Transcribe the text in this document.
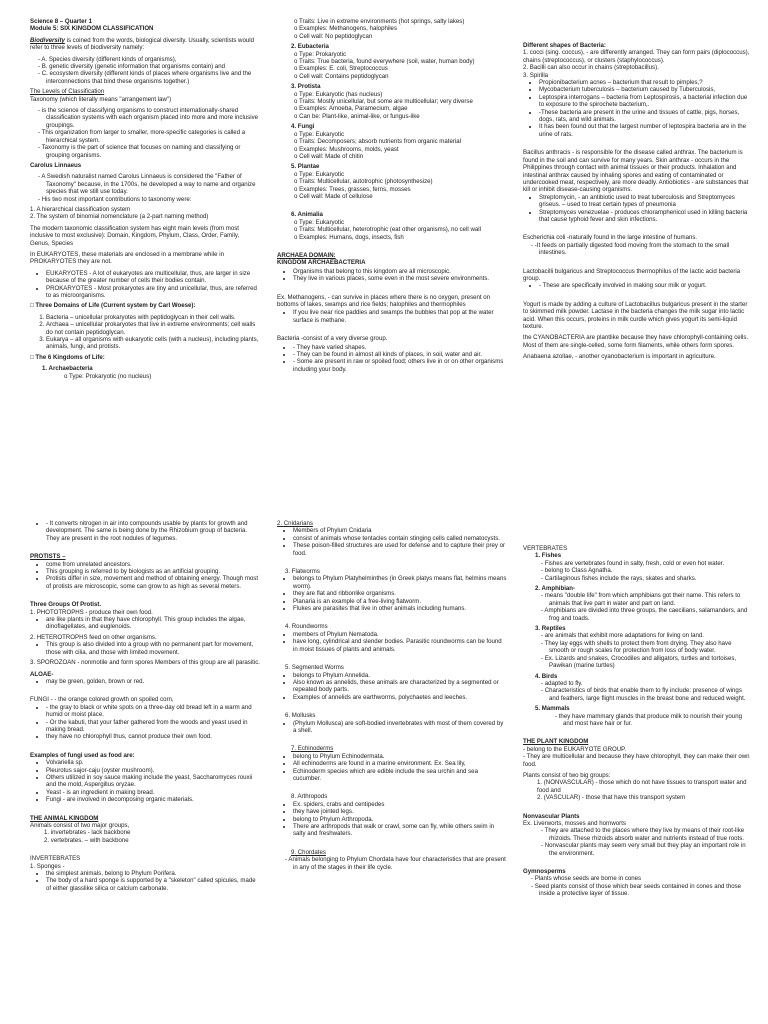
Science 8 – Quarter 1

Module 5: SIX KINGDOM CLASSIFICATION

Biodiversity is coined from the words, biological diversity. Usually, scientists would refer to three levels of biodiversity namely:

- A. Species diversity (different kinds of organisms),
- B. genetic diversity (genetic information that organisms contain) and
- C. ecosystem diversity (different kinds of places where organisms live and the interconnections that bind these organisms together.)

The Levels of Classification

Taxonomy (which literally means "arrangement law")

- is the science of classifying organisms to construct internationally-shared classification systems with each organism placed into more and more inclusive groupings.
- This organization from larger to smaller, more-specific categories is called a hierarchical system.
- Taxonomy is the part of science that focuses on naming and classifying or grouping organisms.

Carolus Linnaeus

- A Swedish naturalist named Carolus Linnaeus is considered the "Father of Taxonomy" because, in the 1700s, he developed a way to name and organize species that we still use today.
- His two most important contributions to taxonomy were:

1. A hierarchical classification system

2. The system of binomial nomenclature (a 2-part naming method)

The modern taxonomic classification system has eight main levels (from most inclusive to most exclusive): Domain, Kingdom, Phylum, Class, Order, Family, Genus, Species

In EUKARYOTES, these materials are enclosed in a membrane while in PROKARYOTES they are not.

• EUKARYOTES - A lot of eukaryotes are multicellular, thus, are larger in size because of the greater number of cells their bodies contain.
• PROKARYOTES - Most prokaryotes are tiny and unicellular, thus, are referred to as microorganisms.

□ Three Domains of Life (Current system by Carl Woese):

1. Bacteria – unicellular prokaryotes with peptidoglycan in their cell walls.
2. Archaea – unicellular prokaryotes that live in extreme environments; cell walls do not contain peptidoglycan.
3. Eukarya – all organisms with eukaryotic cells (with a nucleus), including plants, animals, fungi, and protists.

□ The 6 Kingdoms of Life:

1. Archaebacteria

o Type: Prokaryotic (no nucleus)

o Traits: Live in extreme environments (hot springs, salty lakes)
o Examples: Methanogens, halophiles
o Cell wall: No peptidoglycan

2. Eubacteria

o Type: Prokaryotic
o Traits: True bacteria, found everywhere (soil, water, human body)
o Examples: E. coli, Streptococcus
o Cell wall: Contains peptidoglycan

3. Protista

o Type: Eukaryotic (has nucleus)
o Traits: Mostly unicellular, but some are multicellular; very diverse
o Examples: Amoeba, Paramecium, algae
o Can be: Plant-like, animal-like, or fungus-like

4. Fungi

o Type: Eukaryotic
o Traits: Decomposers; absorb nutrients from organic material
o Examples: Mushrooms, molds, yeast
o Cell wall: Made of chitin

5. Plantae

o Type: Eukaryotic
o Traits: Multicellular, autotrophic (photosynthesize)
o Examples: Trees, grasses, ferns, mosses
o Cell wall: Made of cellulose

6. Animalia

o Type: Eukaryotic
o Traits: Multicellular, heterotrophic (eat other organisms), no cell wall
o Examples: Humans, dogs, insects, fish

ARCHAEA DOMAIN:

KINGDOM ARCHAEBACTERIA

• Organisms that belong to this kingdom are all microscopic.
• They live in various places, some even in the most severe environments.

Ex. Methanogens, - can survive in places where there is no oxygen, present on bottoms of lakes, swamps and rice fields; halophiles and thermophiles

• If you live near rice paddies and swamps the bubbles that pop at the water surface is methane.

Bacteria -consist of a very diverse group.

• - They have varied shapes.
• - They can be found in almost all kinds of places, in soil, water and air.
• - Some are present in raw or spoiled food; others live in or on other organisms including your body.

Different shapes of Bacteria:

1. cocci (sing. coccus), - are differently arranged. They can form pairs (diplococcus), chains (streptococcus), or clusters (staphylococcus).

2. Bacilli can also occur in chains (streptobacillus).

3. Spirilla

• Propionibacterium acnes – bacterium that result to pimples,?
• Mycobacterium tuberculosis – bacterium caused by Tuberculosis,
• Leptospira interrogans – bacteria from Leptospirosis, a bacterial infection due to exposure to the spirochete bacterium,.
• -These bacteria are present in the urine and tissues of cattle, pigs, horses, dogs, rats, and wild animals.
• It has been found out that the largest number of leptospira bacteria are in the urine of rats.

Bacillus anthracis - is responsible for the disease called anthrax. The bacterium is found in the soil and can survive for many years. Skin anthrax - occurs in the Philippines through contact with animal tissues or their products. Inhalation and intestinal anthrax caused by inhaling spores and eating of contaminated or undercooked meat, respectively, are more deadly. Antiobiotics - are substances that kill or inhibit disease-causing organisms.

• Streptomycin, - an antibiotic used to treat tuberculosis and Streptomyces griseus. – used to treat certain types of pneumonia
• Streptomyces venezuelae - produces chloramphenicol used in killing bacteria that cause typhoid fever and skin infections.

Escherichia coli -naturally found in the large intestine of humans.

- -It feeds on partially digested food moving from the stomach to the small intestines.

Lactobacilli bulgaricus and Streptococcus thermophilus of the lactic acid bacteria group.

• - These are specifically involved in making sour milk or yogurt.

Yogurt is made by adding a culture of Lactobacillus bulgaricus present in the starter to skimmed milk powder. Lactase in the bacteria changes the milk sugar into lactic acid. When this occurs, proteins in milk curdle which gives yogurt its semi-liquid texture.

the CYANOBACTERIA are plantlike because they have chlorophyll-containing cells. Most of them are single-celled, some form filaments, while others form spores.

Anabaena azollae, - another cyanobacterium is important in agriculture.

• - It converts nitrogen in air into compounds usable by plants for growth and development. The same is being done by the Rhizobium group of bacteria. They are present in the root nodules of legumes.

PROTISTS –

• come from unrelated ancestors.
• This grouping is referred to by biologists as an artificial grouping.
• Protists differ in size, movement and method of obtaining energy. Though most of protists are microscopic, some can grow to as high as several meters.

Three Groups Of Protist.

1. PHOTOTROPHS - produce their own food.

• are like plants in that they have chlorophyll. This group includes the algae, dinoflagellates, and euglenoids.

2. HETEROTROPHS feed on other organisms.

• This group is also divided into a group with no permanent part for movement, those with cilia, and those with limited movement.

3. SPOROZOAN - nonmotile and form spores Members of this group are all parasitic.

ALOAE-

• may be green, golden, brown or red.

FUNGI - - the orange colored growth on spoiled corn,

• - the gray to black or white spots on a three-day old bread left in a warm and humid or moist place.
• - Or the kabuti, that your father gathered from the woods and yeast used in making bread.
• they have no chlorophyll thus, cannot produce their own food.

Examples of fungi used as food are:

• Volvariella sp.
• Pleurotus sajor-caju (oyster mushroom).
• Others utilized in soy sauce making include the yeast, Saccharomyces rouxii and the mold, Aspergillus oryzae.
• Yeast - is an ingredient in making bread.
• Fungi - are involved in decomposing organic materials.

THE ANIMAL KINGDOM

Animals consist of two major groups,

1. invertebrates - lack backbone
2. vertebrates. – with backbone

INVERTEBRATES

1. Sponges -

• the simplest animals, belong to Phylum Porifera.
• The body of a hard sponge is supported by a "skeleton" called spicules, made of either glasslike silica or calcium carbonate.

2. Cnidarians

• Members of Phylum Cnidaria
• consist of animals whose tentacles contain stinging cells called nematocysts.
• These poison-filled structures are used for defense and to capture their prey or food.

3. Flatworms

• belongs to Phylum Platyhelminthes (in Greek platys means flat, helmins means worm).
• they are flat and ribbonlike organisms.
• Planaria is an example of a free-living flatworm.
• Flukes are parasites that live in other animals including humans.

4. Roundworms

• members of Phylum Nematoda.
• have long, cylindrical and slender bodies. Parasitic roundworms can be found in moist tissues of plants and animals.

5. Segmented Worms

• belongs to Phylum Annelida.
• Also known as annelids, these animals are characterized by a segmented or repeated body parts.
• Examples of annelids are earthworms, polychaetes and leeches.

6. Mollusks

• (Phylum Mollusca) are soft-bodied invertebrates with most of them covered by a shell.

7. Echinoderms

• belong to Phylum Echinodermata.
• All echinoderms are found in a marine environment. Ex. Sea lily,
• Echinoderm species which are edible include the sea urchin and sea cucumber.

8. Arthropods

• Ex. spiders, crabs and centipedes
• they have jointed legs.
• belong to Phylum Arthropoda.
• There are arthropods that walk or crawl, some can fly, while others swim in salty and freshwaters.

9. Chordates

- Animals belonging to Phylum Chordata have four characteristics that are present in any of the stages in their life cycle.

VERTEBRATES

1. Fishes

- Fishes are vertebrates found in salty, fresh, cold or even hot water.
- belong to Class Agnatha.
- Cartilaginous fishes include the rays, skates and sharks.

2. Amphibian-

- means "double life" from which amphibians got their name. This refers to animals that live part in water and part on land.
- Amphibians are divided into three groups, the caecilians, salamanders, and frog and toads.

3. Reptiles

- are animals that exhibit more adaptations for living on land.
- They lay eggs with shells to protect them from drying. They also have smooth or rough scales for protection from loss of body water.
- Ex. Lizards and snakes, Crocodiles and alligators, turtles and tortoises, Pawikan (marine turtles)

4. Birds

- adapted to fly.
- Characteristics of birds that enable them to fly include: presence of wings and feathers, large flight muscles in the breast bone and reduced weight.

5. Mammals

- they have mammary glands that produce milk to nourish their young and most have hair or fur.

THE PLANT KINGDOM

- belong to the EUKARYOTE GROUP.

- They are multicellular and because they have chlorophyll, they can make their own food.

Plants consist of two big groups:

1. (NONVASCULAR) - those which do not have tissues to transport water and food and
2. (VASCULAR) - those that have this transport system

Nonvascular Plants

Ex. Liverworts, mosses and hornworts

- They are attached to the places where they live by means of their root-like rhizoids. These rhizoids absorb water and nutrients instead of true roots.
- Nonvascular plants may seem very small but they play an important role in the environment.

Gymnosperms

- Plants whose seeds are borne in cones
- Seed plants consist of those which bear seeds contained in cones and those inside a protective layer of tissue.
